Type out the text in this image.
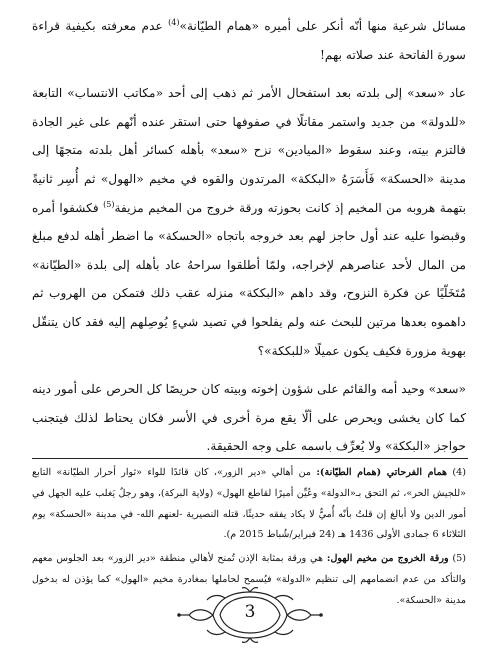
مسائل شرعية منها أنّه أنكر على أميره «همام الطيّانة»$^{(4)}$ عدم معرفته بكيفية قراءة سورة الفاتحة عند صلاته بهم!

عاد «سعد» إلى بلدته بعد استفحال الأمر ثم ذهب إلى أحد «مكاتب الانتساب» التابعة «للدولة» من جديد واستمر مقاتلًا في صفوفها حتى استقر عنده أنّهم على غير الجادة فالتزم بيته، وعند سقوط «الميادين» نزح «سعد» بأهله كسائر أهل بلدته متجهًا إلى مدينة «الحسكة» فَأَسَرَهُ «البككة» المرتدون والقوه في مخيم «الهول» ثم أُسِر ثانيةً بتهمة هروبه من المخيم إذ كانت بحوزته ورقة خروج من المخيم مزيفة$^{(5)}$ فكشفوا أمره وقبضوا عليه عند أول حاجز لهم بعد خروجه باتجاه «الحسكة» ما اضطر أهله لدفع مبلغ من المال لأحد عناصرهم لإخراجه، ولمّا أطلقوا سراحهُ عاد بأهله إلى بلدة «الطيّانة» مُتَخَلّيًا عن فكرة النزوح، وقد داهم «البككة» منزله عقب ذلك فتمكن من الهروب ثم داهموه بعدها مرتين للبحث عنه ولم يفلحوا في تصيد شيءٍ يُوصِلهم إليه فقد كان يتنقّل بهوية مزورة فكيف يكون عميلًا «للبككة»؟

«سعد» وحيد أمه والقائم على شؤون إخوته وبيته كان حريصًا كل الحرص على أمور دينه كما كان يخشى ويحرص على ألّا يقع مرة أخرى في الأسر فكان يحتاط لذلك فيتجنب حواجز «البككة» ولا يُعرِّف باسمه على وجه الحقيقة.

(4) همام الفرحاتي (همام الطيّانة): من أهالي «دير الزور»، كان قائدًا للواء «ثوار أحرار الطيّانة» التابع «للجيش الحر»، ثم التحق بـ«الدولة» وعُيِّن أميرًا لقاطع الهول» (ولاية البركة)، وهو رجلٌ يَغلب عليه الجهل في أمور الدين ولا أبالغ إن قلتُ بأنّه أُميٌّ لا يكاد يفقه حديثًا، قتله النصيرية -لعنهم الله- في مدينة «الحسكة» يوم الثلاثاء 6 جمادى الأولى 1436 هـ (24 فبراير/شُباط 2015 م).

(5) ورقة الخروج من مخيم الهول: هي ورقة بمثابة الإذن تُمنح لأهالي منطقة «دير الزور» بعد الجلوس معهم والتأكد من عدم انضمامهم إلى تنظيم «الدولة» فيُسمح لحاملها بمغادرة مخيم «الهول» كما يؤذن له بدخول مدينة «الحسكة».

3
